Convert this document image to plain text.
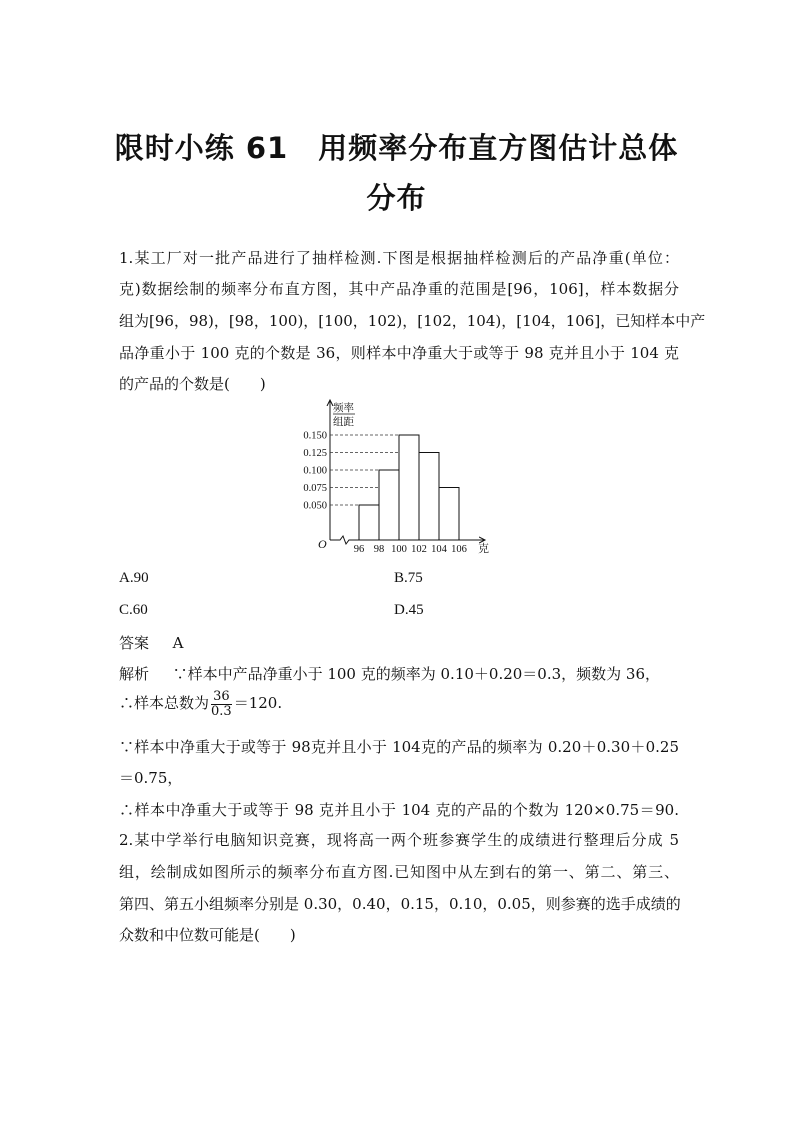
限时小练 61　用频率分布直方图估计总体
分布
1.某工厂对一批产品进行了抽样检测.下图是根据抽样检测后的产品净重(单位：
克)数据绘制的频率分布直方图，其中产品净重的范围是[96，106]，样本数据分
组为[96，98)，[98，100)，[100，102)，[102，104)，[104，106]，已知样本中产
品净重小于 100 克的个数是 36，则样本中净重大于或等于 98 克并且小于 104 克
的产品的个数是(　　)
0.050
0.075
0.100
0.125
0.150
96 98 100 102 104 106
O	克
频率
组距
A.90	B.75
C.60	D.45
答案 A
解析 ∵样本中产品净重小于 100 克的频率为 0.10＋0.20＝0.3，频数为 36，
∴样本总数为 $\frac{36}{0.3} =120$.
∵样本中净重大于或等于 98克并且小于 104克的产品的频率为 0.20＋0.30＋0.25
＝0.75，
∴样本中净重大于或等于 98 克并且小于 104 克的产品的个数为 120×0.75＝90.
2.某中学举行电脑知识竞赛，现将高一两个班参赛学生的成绩进行整理后分成 5
组，绘制成如图所示的频率分布直方图.已知图中从左到右的第一、第二、第三、
第四、第五小组频率分别是 0.30，0.40，0.15，0.10，0.05，则参赛的选手成绩的
众数和中位数可能是(　　)
